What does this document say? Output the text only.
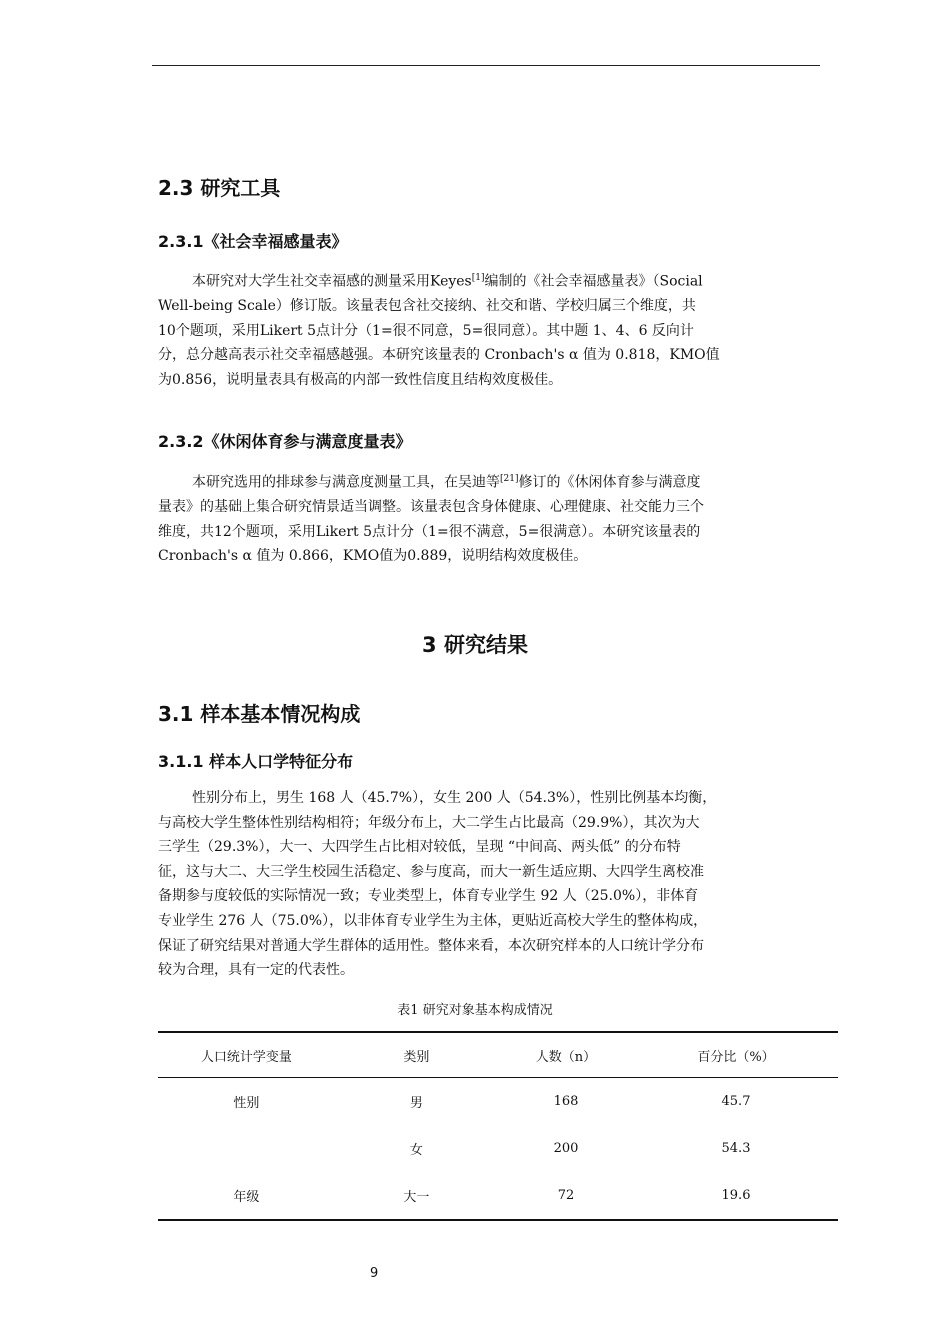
2.3 研究工具
2.3.1《社会幸福感量表》
本研究对大学生社交幸福感的测量采用Keyes[1]编制的《社会幸福感量表》（Social
Well-being Scale）修订版。该量表包含社交接纳、社交和谐、学校归属三个维度，共
10个题项，采用Likert 5点计分（1=很不同意，5=很同意）。其中题 1、4、6 反向计
分，总分越高表示社交幸福感越强。本研究该量表的 Cronbach's α 值为 0.818，KMO值
为0.856，说明量表具有极高的内部一致性信度且结构效度极佳。
2.3.2《休闲体育参与满意度量表》
本研究选用的排球参与满意度测量工具，在吴迪等[21]修订的《休闲体育参与满意度
量表》的基础上集合研究情景适当调整。该量表包含身体健康、心理健康、社交能力三个
维度，共12个题项，采用Likert 5点计分（1=很不满意，5=很满意）。本研究该量表的
Cronbach's α 值为 0.866，KMO值为0.889，说明结构效度极佳。
3 研究结果
3.1 样本基本情况构成
3.1.1 样本人口学特征分布
性别分布上，男生 168 人（45.7%），女生 200 人（54.3%），性别比例基本均衡，
与高校大学生整体性别结构相符；年级分布上，大二学生占比最高（29.9%），其次为大
三学生（29.3%），大一、大四学生占比相对较低，呈现 “中间高、两头低” 的分布特
征，这与大二、大三学生校园生活稳定、参与度高，而大一新生适应期、大四学生离校准
备期参与度较低的实际情况一致；专业类型上，体育专业学生 92 人（25.0%），非体育
专业学生 276 人（75.0%），以非体育专业学生为主体，更贴近高校大学生的整体构成，
保证了研究结果对普通大学生群体的适用性。整体来看，本次研究样本的人口统计学分布
较为合理，具有一定的代表性。
表1 研究对象基本构成情况
人口统计学变量	类别	人数（n）	百分比（%）
性别	男	168	45.7
	女	200	54.3
年级	大一	72	19.6
9
